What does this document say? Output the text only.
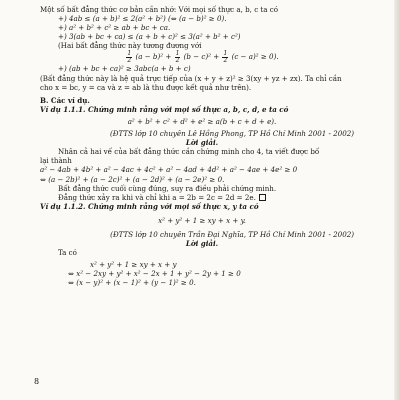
Một số bất đẳng thức cơ bản cần nhớ: Với mọi số thực a, b, c ta có
+) 4ab ≤ (a + b)² ≤ 2(a² + b²) (⇔ (a − b)² ≥ 0).
+) a² + b² + c² ≥ ab + bc + ca.
+) 3(ab + bc + ca) ≤ (a + b + c)² ≤ 3(a² + b² + c²)
(Hai bất đẳng thức này tương đương với
$\frac{1}{2} (a - b)^2 + \frac{1}{2} (b - c)^2 + \frac{1}{2} (c - a)^2 \ge 0$).
+) (ab + bc + ca)² ≥ 3abc(a + b + c)
(Bất đẳng thức này là hệ quả trực tiếp của (x + y + z)² ≥ 3(xy + yz + zx). Ta chỉ cần
cho x = bc, y = ca và z = ab là thu được kết quả như trên).
B. Các ví dụ.
Ví dụ 1.1.1. Chứng minh rằng với mọi số thực a, b, c, d, e ta có
a² + b² + c² + d² + e² ≥ a(b + c + d + e).
(ĐTTS lớp 10 chuyên Lê Hồng Phong, TP Hồ Chí Minh 2001 - 2002)
Lời giải.
Nhân cả hai vế của bất đẳng thức cần chứng minh cho 4, ta viết được bố
lại thành
a² − 4ab + 4b² + a² − 4ac + 4c² + a² − 4ad + 4d² + a² − 4ae + 4e² ≥ 0
⇔ (a − 2b)² + (a − 2c)² + (a − 2d)² + (a − 2e)² ≥ 0.
Bất đẳng thức cuối cùng đúng, suy ra điều phải chứng minh.
Đẳng thức xảy ra khi và chỉ khi a = 2b = 2c = 2d = 2e.
Ví dụ 1.1.2. Chứng minh rằng với mọi số thực x, y ta có
x² + y² + 1 ≥ xy + x + y.
(ĐTTS lớp 10 chuyên Trần Đại Nghĩa, TP Hồ Chí Minh 2001 - 2002)
Lời giải.
Ta có
x² + y² + 1 ≥ xy + x + y
⇔ x² − 2xy + y² + x² − 2x + 1 + y² − 2y + 1 ≥ 0
⇔ (x − y)² + (x − 1)² + (y − 1)² ≥ 0.
8
